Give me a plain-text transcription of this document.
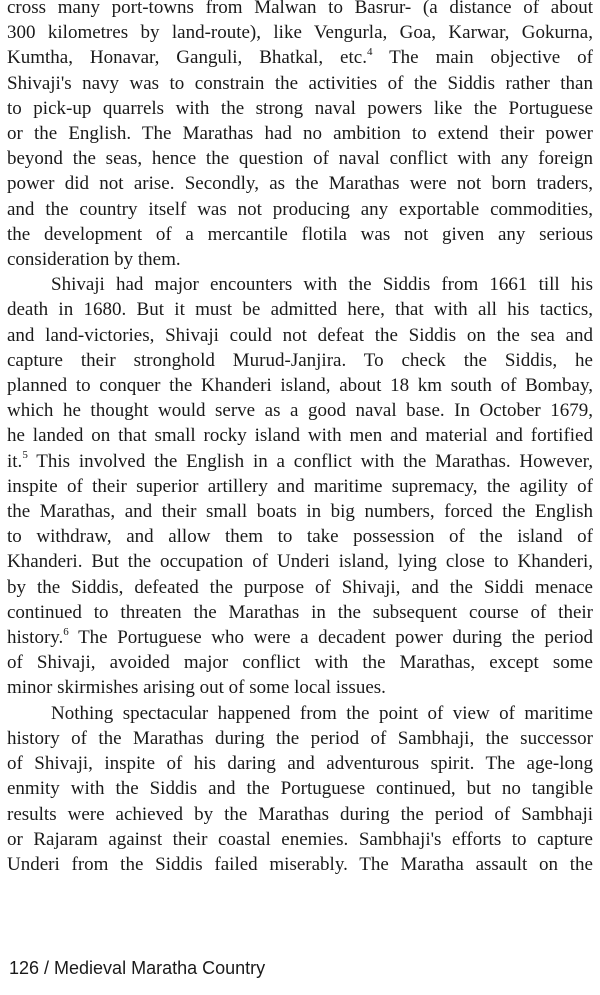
cross many port-towns from Malwan to Basrur- (a distance of about
300 kilometres by land-route), like Vengurla, Goa, Karwar, Gokurna,
Kumtha, Honavar, Ganguli, Bhatkal, etc.$^4$ The main objective of
Shivaji's navy was to constrain the activities of the Siddis rather than
to pick-up quarrels with the strong naval powers like the Portuguese
or the English. The Marathas had no ambition to extend their power
beyond the seas, hence the question of naval conflict with any foreign
power did not arise. Secondly, as the Marathas were not born traders,
and the country itself was not producing any exportable commodities,
the development of a mercantile flotila was not given any serious
consideration by them.
Shivaji had major encounters with the Siddis from 1661 till his
death in 1680. But it must be admitted here, that with all his tactics,
and land-victories, Shivaji could not defeat the Siddis on the sea and
capture their stronghold Murud-Janjira. To check the Siddis, he
planned to conquer the Khanderi island, about 18 km south of Bombay,
which he thought would serve as a good naval base. In October 1679,
he landed on that small rocky island with men and material and fortified
it.$^5$ This involved the English in a conflict with the Marathas. However,
inspite of their superior artillery and maritime supremacy, the agility of
the Marathas, and their small boats in big numbers, forced the English
to withdraw, and allow them to take possession of the island of
Khanderi. But the occupation of Underi island, lying close to Khanderi,
by the Siddis, defeated the purpose of Shivaji, and the Siddi menace
continued to threaten the Marathas in the subsequent course of their
history.$^6$ The Portuguese who were a decadent power during the period
of Shivaji, avoided major conflict with the Marathas, except some
minor skirmishes arising out of some local issues.
Nothing spectacular happened from the point of view of maritime
history of the Marathas during the period of Sambhaji, the successor
of Shivaji, inspite of his daring and adventurous spirit. The age-long
enmity with the Siddis and the Portuguese continued, but no tangible
results were achieved by the Marathas during the period of Sambhaji
or Rajaram against their coastal enemies. Sambhaji's efforts to capture
Underi from the Siddis failed miserably. The Maratha assault on the
126 / Medieval Maratha Country
